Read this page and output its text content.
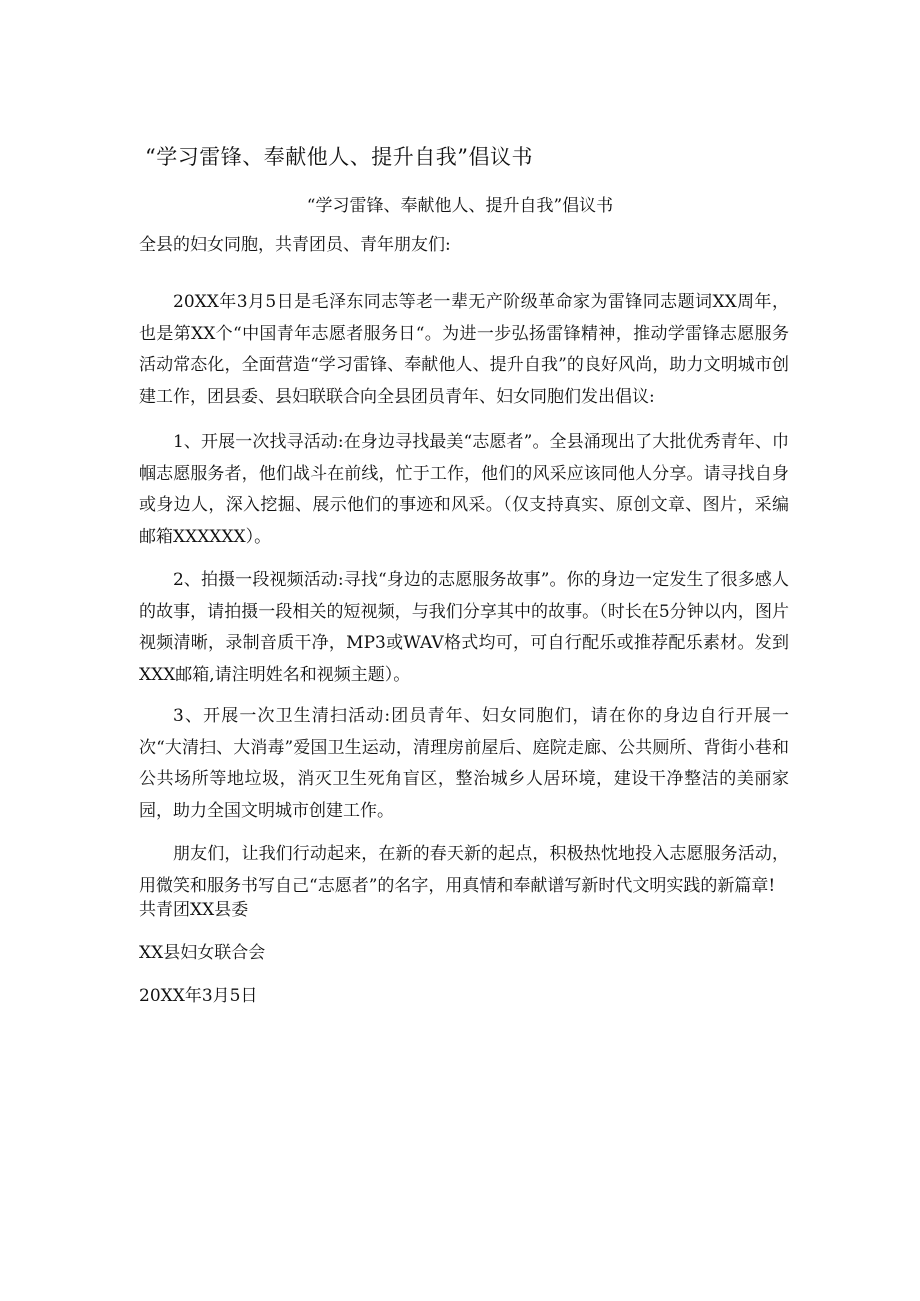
“学习雷锋、奉献他人、提升自我”倡议书
“学习雷锋、奉献他人、提升自我”倡议书
全县的妇女同胞，共青团员、青年朋友们:

20XX年3月5日是毛泽东同志等老一辈无产阶级革命家为雷锋同志题词XX周年，也是第XX个“中国青年志愿者服务日“。为进一步弘扬雷锋精神，推动学雷锋志愿服务活动常态化，全面营造“学习雷锋、奉献他人、提升自我”的良好风尚，助力文明城市创建工作，团县委、县妇联联合向全县团员青年、妇女同胞们发出倡议:

1、开展一次找寻活动:在身边寻找最美“志愿者”。全县涌现出了大批优秀青年、巾帼志愿服务者，他们战斗在前线，忙于工作，他们的风采应该同他人分享。请寻找自身或身边人，深入挖掘、展示他们的事迹和风采。（仅支持真实、原创文章、图片，采编邮箱XXXXXX）。

2、拍摄一段视频活动:寻找“身边的志愿服务故事”。你的身边一定发生了很多感人的故事，请拍摄一段相关的短视频，与我们分享其中的故事。（时长在5分钟以内，图片视频清晰，录制音质干净，MP3或WAV格式均可，可自行配乐或推荐配乐素材。发到XXX邮箱,请注明姓名和视频主题）。

3、开展一次卫生清扫活动:团员青年、妇女同胞们，请在你的身边自行开展一次“大清扫、大消毒”爱国卫生运动，清理房前屋后、庭院走廊、公共厕所、背街小巷和公共场所等地垃圾，消灭卫生死角盲区，整治城乡人居环境，建设干净整洁的美丽家园，助力全国文明城市创建工作。

朋友们，让我们行动起来，在新的春天新的起点，积极热忱地投入志愿服务活动，用微笑和服务书写自己“志愿者”的名字，用真情和奉献谱写新时代文明实践的新篇章!

共青团XX县委
XX县妇女联合会
20XX年3月5日
